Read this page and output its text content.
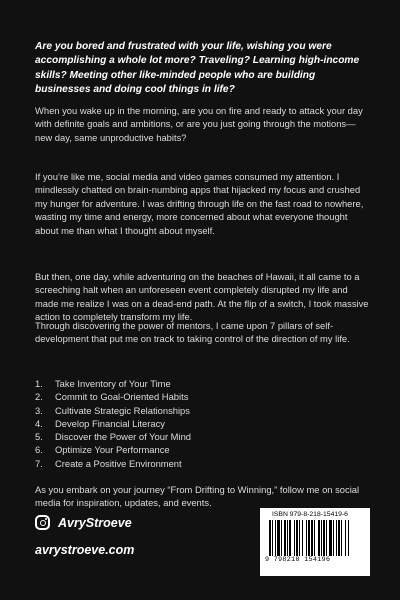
Are you bored and frustrated with your life, wishing you were accomplishing a whole lot more? Traveling? Learning high-income skills? Meeting other like-minded people who are building businesses and doing cool things in life?

When you wake up in the morning, are you on fire and ready to attack your day with definite goals and ambitions, or are you just going through the motions—new day, same unproductive habits?

If you’re like me, social media and video games consumed my attention. I mindlessly chatted on brain-numbing apps that hijacked my focus and crushed my hunger for adventure. I was drifting through life on the fast road to nowhere, wasting my time and energy, more concerned about what everyone thought about me than what I thought about myself.

But then, one day, while adventuring on the beaches of Hawaii, it all came to a screeching halt when an unforeseen event completely disrupted my life and made me realize I was on a dead-end path. At the flip of a switch, I took massive action to completely transform my life.

Through discovering the power of mentors, I came upon 7 pillars of self-development that put me on track to taking control of the direction of my life.

1.	Take Inventory of Your Time
2.	Commit to Goal-Oriented Habits
3.	Cultivate Strategic Relationships
4.	Develop Financial Literacy
5.	Discover the Power of Your Mind
6.	Optimize Your Performance
7.	Create a Positive Environment

As you embark on your journey “From Drifting to Winning,” follow me on social media for inspiration, updates, and events.

AvryStroeve
avrystroeve.com
ISBN 979-8-218-15419-6
9 798218 154196
